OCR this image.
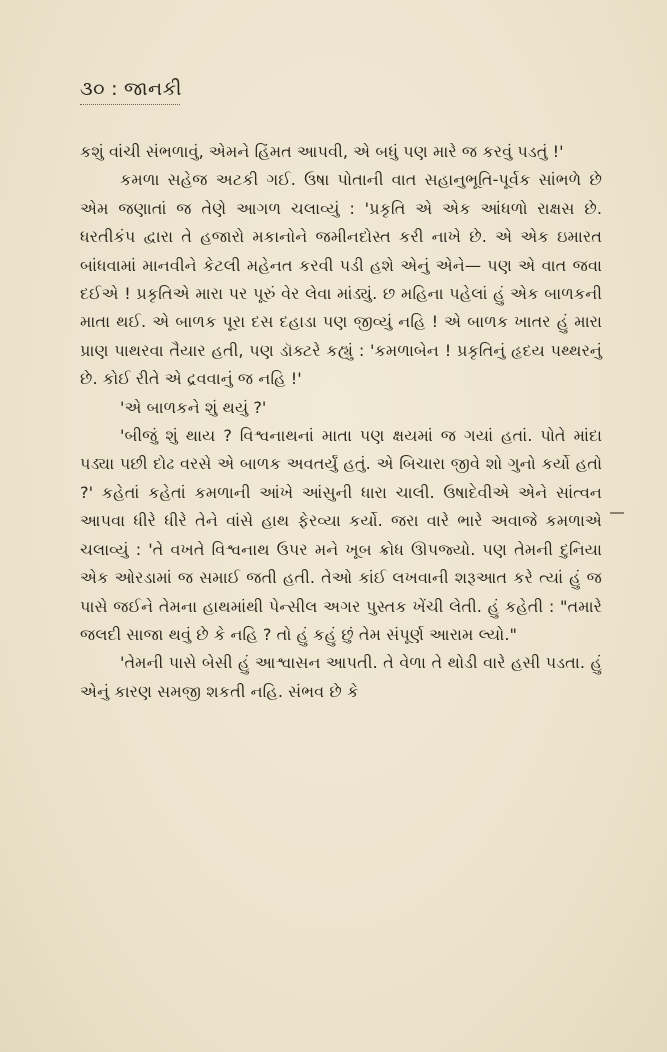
૩૦ : જાનકી

કશું વાંચી સંભળાવું, એમને હિંમત આપવી, એ બધું પણ મારે જ કરવું પડતું !'

કમળા સહેજ અટકી ગઈ. ઉષા પોતાની વાત સહાનુભૂતિ-પૂર્વક સાંભળે છે એમ જણાતાં જ તેણે આગળ ચલાવ્યું : 'પ્રકૃતિ એ એક આંધળો રાક્ષસ છે. ધરતીકંપ દ્વારા તે હજારો મકાનોને જમીનદોસ્ત કરી નાખે છે. એ એક ઇમારત બાંધવામાં માનવીને કેટલી મહેનત કરવી પડી હશે એનું એને— પણ એ વાત જવા દઈએ ! પ્રકૃતિએ મારા પર પૂરું વેર લેવા માંડ્યું. છ મહિના પહેલાં હું એક બાળકની માતા થઈ. એ બાળક પૂરા દસ દહાડા પણ જીવ્યું નહિ ! એ બાળક ખાતર હું મારા પ્રાણ પાથરવા તૈયાર હતી, પણ ડૉક્ટરે કહ્યું : 'કમળાબેન ! પ્રકૃતિનું હૃદય પથ્થરનું છે. કોઈ રીતે એ દ્રવવાનું જ નહિ !'

'એ બાળકને શું થયું ?'

'બીજું શું થાય ? વિશ્વનાથનાં માતા પણ ક્ષયમાં જ ગયાં હતાં. પોતે માંદા પડ્યા પછી દોઢ વરસે એ બાળક અવતર્યું હતું. એ બિચારા જીવે શો ગુનો કર્યો હતો ?' કહેતાં કહેતાં કમળાની આંખે આંસુની ધારા ચાલી. ઉષાદેવીએ એને સાંત્વન આપવા ધીરે ધીરે તેને વાંસે હાથ ફેરવ્યા કર્યો. જરા વારે ભારે અવાજે કમળાએ ચલાવ્યું : 'તે વખતે વિશ્વનાથ ઉપર મને ખૂબ ક્રોધ ઊપજ્યો. પણ તેમની દુનિયા એક ઓરડામાં જ સમાઈ જતી હતી. તેઓ કાંઈ લખવાની શરૂઆત કરે ત્યાં હું જ પાસે જઈને તેમના હાથમાંથી પેન્સીલ અગર પુસ્તક ખેંચી લેતી. હું કહેતી : "તમારે જલદી સાજા થવું છે કે નહિ ? તો હું કહું છું તેમ સંપૂર્ણ આરામ લ્યો."

'તેમની પાસે બેસી હું આશ્વાસન આપતી. તે વેળા તે થોડી વારે હસી પડતા. હું એનું કારણ સમજી શકતી નહિ. સંભવ છે કે
